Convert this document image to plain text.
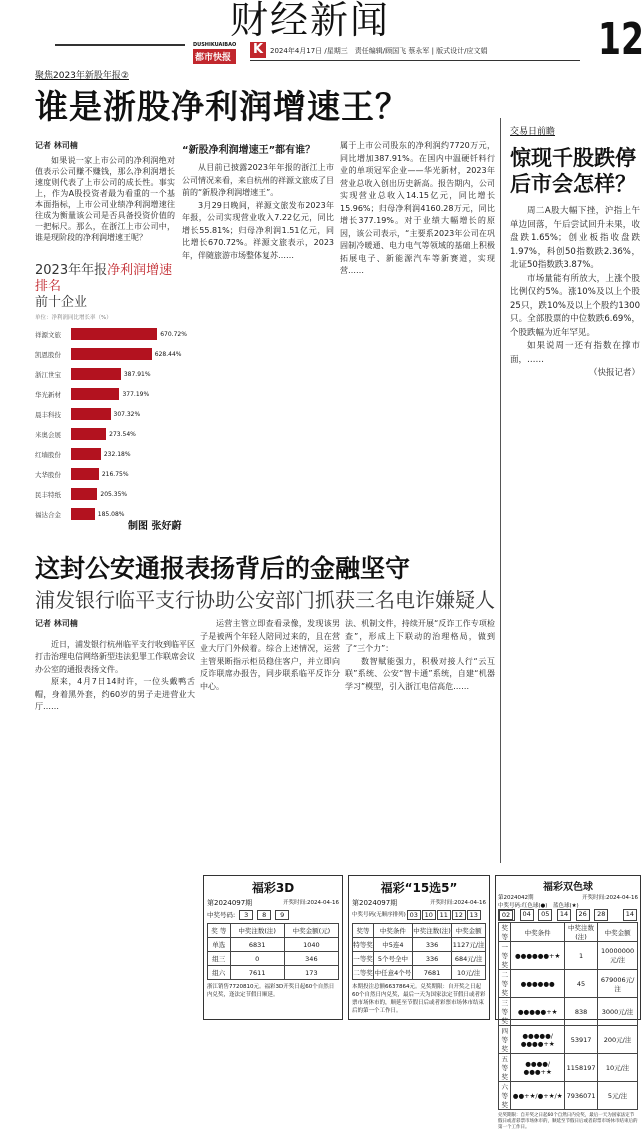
财经新闻
DUSHIKUAIBAO
都市快报
K 2024年4月17日 /星期三　责任编辑/顾国飞 蔡永军 | 版式设计/应文娟	12
聚焦2023年新股年报②
谁是浙股净利润增速王？
记者 林司楠

如果说一家上市公司的净利润绝对值表示公司赚不赚钱，那么净利润增长速度则代表了上市公司的成长性。事实上，作为A股投资者最为看重的一个基本面指标，上市公司业绩净利润增速往往成为衡量该公司是否具备投资价值的一把标尺。那么，在浙江上市公司中，谁是现阶段的净利润增速王呢？

2023年年报净利润增速排名
前十企业
单位：净利润同比增长率（%）
祥源文旅	670.72%
凯恩股份	628.44%
浙江世宝	387.91%
华光新材	377.19%
晨丰科技	307.32%
米奥会展	273.54%
红墙股份	232.18%
大华股份	216.75%
民丰特纸	205.35%
福达合金	185.08%
制图 张好蔚
“新股净利润增速王”都有谁？

从目前已披露2023年年报的浙江上市公司情况来看，来自杭州的祥源文旅成了目前的“新股净利润增速王”。

3月29日晚间，祥源文旅发布2023年年报，公司实现营业收入7.22亿元，同比增长55.81%；归母净利润1.51亿元，同比增长670.72%。祥源文旅表示，2023年，伴随旅游市场整体复苏……

属于上市公司股东的净利润约7720万元，同比增加387.91%。在国内中温硬钎料行业的单项冠军企业——华光新材，2023年营业总收入创出历史新高。报告期内，公司实现营业总收入14.15亿元，同比增长15.96%；归母净利润4160.28万元，同比增长377.19%。对于业绩大幅增长的原因，该公司表示，“主要系2023年公司在巩固制冷暖通、电力电气等领域的基础上积极拓展电子、新能源汽车等新赛道，实现营……

交易日前瞻
惊现千股跌停 后市会怎样？

周二A股大幅下挫，沪指上午单边回落，午后尝试回升未果，收盘跌1.65%；创业板指收盘跌1.97%，科创50指数跌2.36%，北证50指数跌3.87%。

市场量能有所放大，上涨个股比例仅约5%。涨10%及以上个股25只，跌10%及以上个股约1300只。全部股票的中位数跌6.69%，个股跌幅为近年罕见。

如果说周一还有指数在撑市面，……

（快报记者）
这封公安通报表扬背后的金融坚守
浦发银行临平支行协助公安部门抓获三名电诈嫌疑人
记者 林司楠

近日，浦发银行杭州临平支行收到临平区打击治理电信网络新型违法犯罪工作联席会议办公室的通报表扬文件。

原来，4月7日14时许，一位头戴鸭舌帽，身着黑外套，约60岁的男子走进营业大厅……

运营主管立即查看录像，发现该男子是被两个年轻人陪同过来的，且在营业大厅门外候着。综合上述情况，运营主管果断指示柜员稳住客户，并立即向反诈联席办报告，同步联系临平反诈分中心。

法、机制文件，持续开展“反诈工作专项检查”，形成上下联动的治理格局，做到了“三个力”：

数智赋能强力，积极对接人行“云互联”系统、公安“智卡通”系统，自建“机器学习”模型，引入浙江电信高危……

福彩3D
第2024097期	开奖时间:2024-04-16
中奖号码:	3	8	9
奖 等	中奖注数(注)	中奖金额(元)
单选	6831	1040
组三	0	346
组六	7611	173
浙江销售7720810元。福彩3D开奖日起60个自然日内兑奖，逢法定节假日顺延。
福彩“15选5”
第2024097期	开奖时间:2024-04-16
中奖号码(无顺序排列) 03	10	11	12	13
奖等	中奖条件	中奖注数(注)	中奖金额
特等奖	中5连4	336	1127元/注
一等奖	5个号全中	336	684元/注
二等奖	中任意4个号	7681	10元/注
本期投注总额6637864元。兑奖期限：自开奖之日起60个自然日内兑奖，最后一天为国家法定节假日或者彩票市场休市的，顺延至节假日后或者彩票市场休市结束后的第一个工作日。
福彩双色球
第2024042期	开奖时间:2024-04-16
中奖号码:红色球(●)　蓝色球(★)
02	04	05	14	26	28	14
奖等	中奖条件	中奖注数(注)	中奖金额
一等奖	●●●●●●+★	1	10000000元/注
二等奖	●●●●●●	45	679006元/注
三等奖	●●●●●+★	838	3000元/注
四等奖	●●●●●/●●●●+★	53917	200元/注
五等奖	●●●●/●●●+★	1158197	10元/注
六等奖	●●+★/●+★/★	7936071	5元/注
兑奖期限：自开奖之日起60个自然日内兑奖，最后一天为国家法定节假日或者彩票市场休市的，顺延至节假日后或者彩票市场休市结束后的第一个工作日。
